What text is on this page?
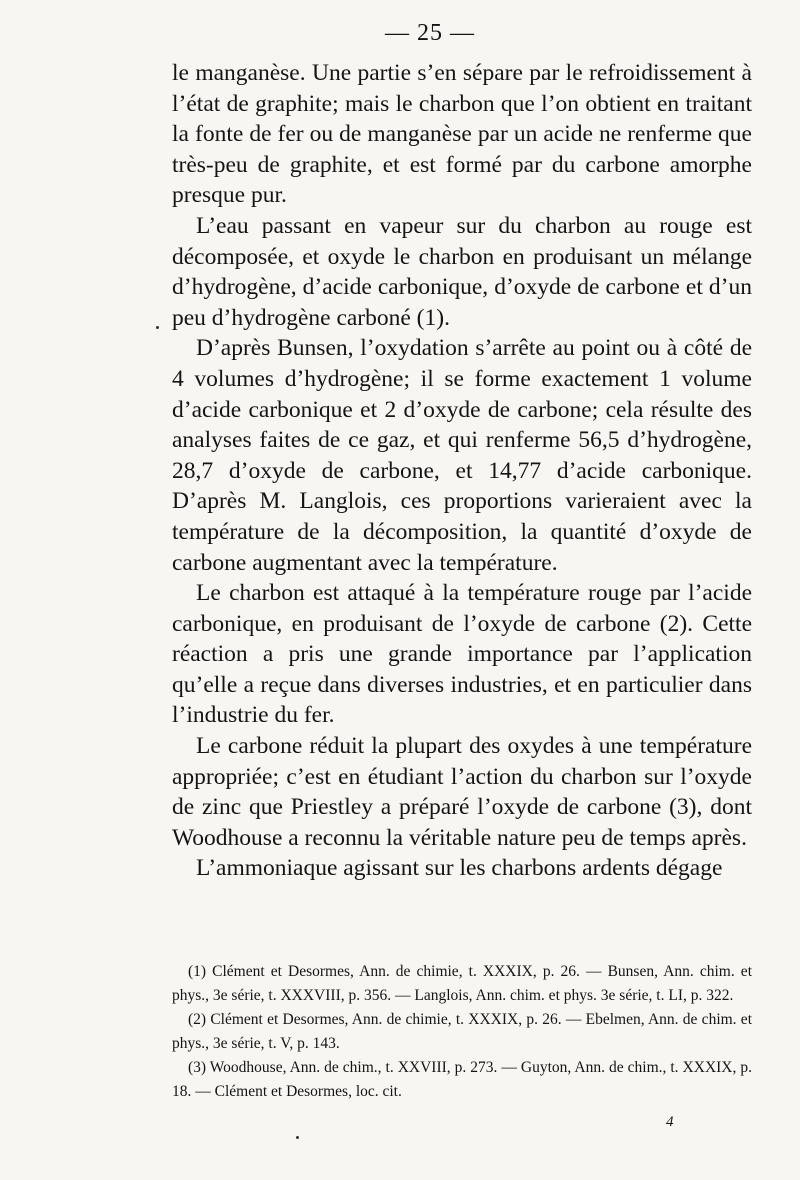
— 25 —

le manganèse. Une partie s’en sépare par le refroidissement à l’état de graphite; mais le charbon que l’on obtient en traitant la fonte de fer ou de manganèse par un acide ne renferme que très-peu de graphite, et est formé par du carbone amorphe presque pur.

L’eau passant en vapeur sur du charbon au rouge est décomposée, et oxyde le charbon en produisant un mélange d’hydrogène, d’acide carbonique, d’oxyde de carbone et d’un peu d’hydrogène carboné (1).

D’après Bunsen, l’oxydation s’arrête au point ou à côté de 4 volumes d’hydrogène; il se forme exactement 1 volume d’acide carbonique et 2 d’oxyde de carbone; cela résulte des analyses faites de ce gaz, et qui renferme 56,5 d’hydrogène, 28,7 d’oxyde de carbone, et 14,77 d’acide carbonique. D’après M. Langlois, ces proportions varieraient avec la température de la décomposition, la quantité d’oxyde de carbone augmentant avec la température.

Le charbon est attaqué à la température rouge par l’acide carbonique, en produisant de l’oxyde de carbone (2). Cette réaction a pris une grande importance par l’application qu’elle a reçue dans diverses industries, et en particulier dans l’industrie du fer.

Le carbone réduit la plupart des oxydes à une température appropriée; c’est en étudiant l’action du charbon sur l’oxyde de zinc que Priestley a préparé l’oxyde de carbone (3), dont Woodhouse a reconnu la véritable nature peu de temps après.

L’ammoniaque agissant sur les charbons ardents dégage

(1) Clément et Desormes, Ann. de chimie, t. XXXIX, p. 26. — Bunsen, Ann. chim. et phys., 3e série, t. XXXVIII, p. 356. — Langlois, Ann. chim. et phys. 3e série, t. LI, p. 322.

(2) Clément et Desormes, Ann. de chimie, t. XXXIX, p. 26. — Ebelmen, Ann. de chim. et phys., 3e série, t. V, p. 143.

(3) Woodhouse, Ann. de chim., t. XXVIII, p. 273. — Guyton, Ann. de chim., t. XXXIX, p. 18. — Clément et Desormes, loc. cit.

4
